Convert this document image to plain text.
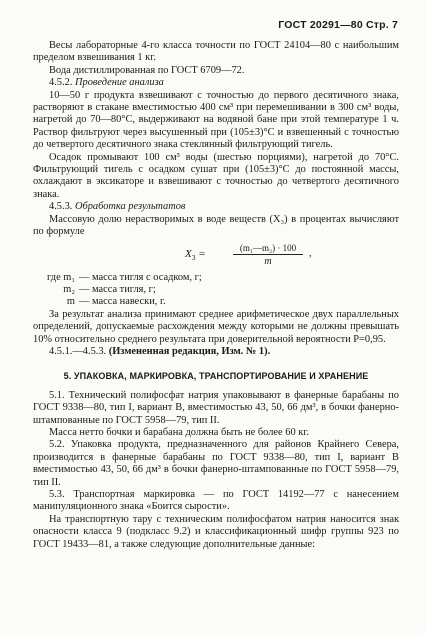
ГОСТ 20291—80 Стр. 7

Весы лабораторные 4-го класса точности по ГОСТ 24104—80 с наибольшим пределом взвешивания 1 кг.

Вода дистиллированная по ГОСТ 6709—72.

4.5.2. Проведение анализа

10—50 г продукта взвешивают с точностью до первого десятичного знака, растворяют в стакане вместимостью 400 см³ при перемешивании в 300 см³ воды, нагретой до 70—80°С, выдерживают на водяной бане при этой температуре 1 ч. Раствор фильтруют через высушенный при (105±3)°С и взвешенный с точностью до четвертого десятичного знака стеклянный фильтрующий тигель.

Осадок промывают 100 см³ воды (шестью порциями), нагретой до 70°С. Фильтрующий тигель с осадком сушат при (105±3)°С до постоянной массы, охлаждают в эксикаторе и взвешивают с точностью до четвертого десятичного знака.

4.5.3. Обработка результатов

Массовую долю нерастворимых в воде веществ (X₃) в процентах вычисляют по формуле

$X_3$ =	(m₁—m₂) · 100
m
,
где m₁ — масса тигля с осадком, г;
m₂ — масса тигля, г;
m — масса навески, г.

За результат анализа принимают среднее арифметическое двух параллельных определений, допускаемые расхождения между которыми не должны превышать 10% относительно среднего результата при доверительной вероятности P=0,95.

4.5.1.—4.5.3. (Измененная редакция, Изм. № 1).

5. УПАКОВКА, МАРКИРОВКА, ТРАНСПОРТИРОВАНИЕ И ХРАНЕНИЕ

5.1. Технический полифосфат натрия упаковывают в фанерные барабаны по ГОСТ 9338—80, тип I, вариант В, вместимостью 43, 50, 66 дм³, в бочки фанерно-штампованные по ГОСТ 5958—79, тип II.

Масса нетто бочки и барабана должна быть не более 60 кг.

5.2. Упаковка продукта, предназначенного для районов Крайнего Севера, производится в фанерные барабаны по ГОСТ 9338—80, тип I, вариант В вместимостью 43, 50, 66 дм³ в бочки фанерно-штампованные по ГОСТ 5958—79, тип II.

5.3. Транспортная маркировка — по ГОСТ 14192—77 с нанесением манипуляционного знака «Боится сырости».

На транспортную тару с техническим полифосфатом натрия наносится знак опасности класса 9 (подкласс 9.2) и классификационный шифр группы 923 по ГОСТ 19433—81, а также следующие дополнительные данные:
